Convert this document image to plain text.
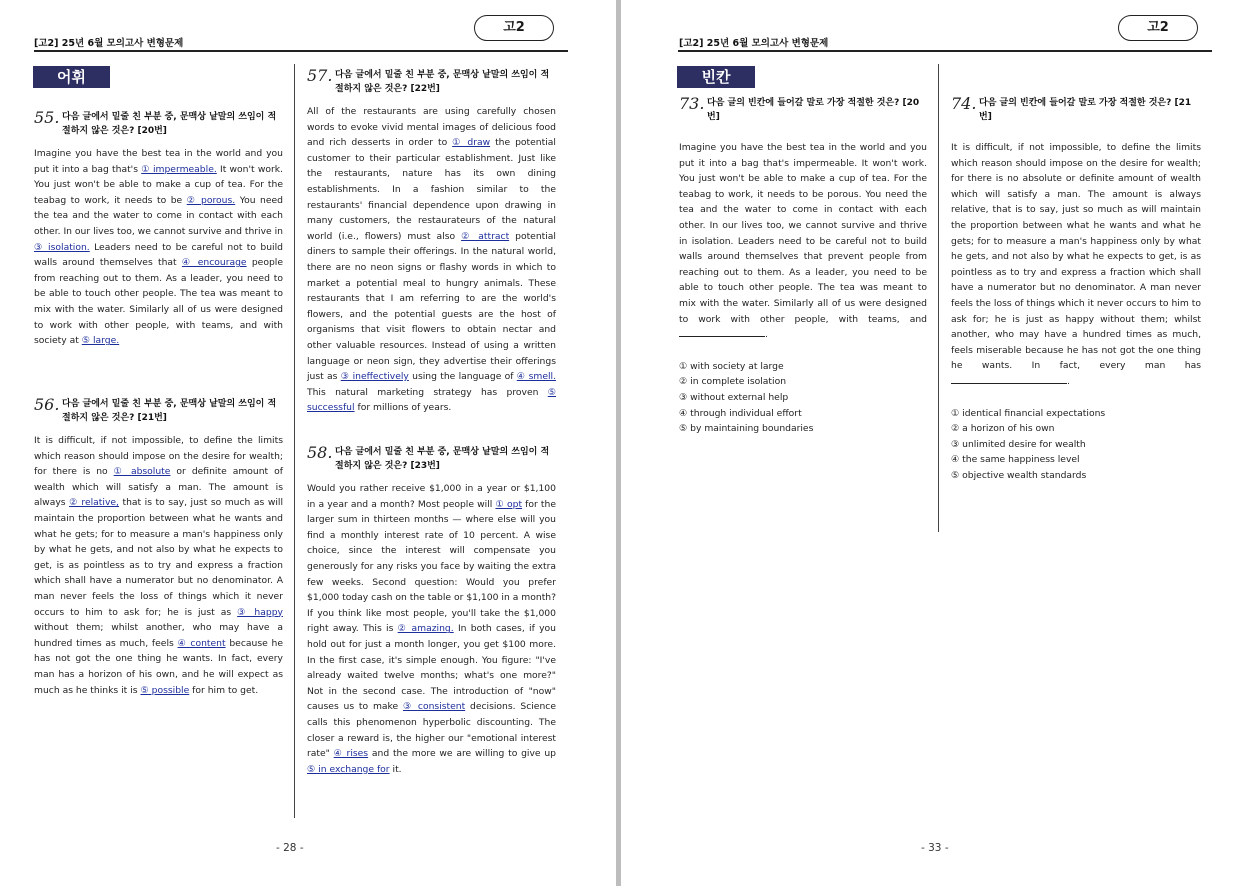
[고2] 25년 6월 모의고사 변형문제
고2
어휘
55. 다음 글에서 밑줄 친 부분 중, 문맥상 낱말의 쓰임이 적절하지 않은 것은? [20번]
Imagine you have the best tea in the world and you put it into a bag that's ① impermeable. It won't work. You just won't be able to make a cup of tea. For the teabag to work, it needs to be ② porous. You need the tea and the water to come in contact with each other. In our lives too, we cannot survive and thrive in ③ isolation. Leaders need to be careful not to build walls around themselves that ④ encourage people from reaching out to them. As a leader, you need to be able to touch other people. The tea was meant to mix with the water. Similarly all of us were designed to work with other people, with teams, and with society at ⑤ large.
56. 다음 글에서 밑줄 친 부분 중, 문맥상 낱말의 쓰임이 적절하지 않은 것은? [21번]
It is difficult, if not impossible, to define the limits which reason should impose on the desire for wealth; for there is no ① absolute or definite amount of wealth which will satisfy a man. The amount is always ② relative, that is to say, just so much as will maintain the proportion between what he wants and what he gets; for to measure a man's happiness only by what he gets, and not also by what he expects to get, is as pointless as to try and express a fraction which shall have a numerator but no denominator. A man never feels the loss of things which it never occurs to him to ask for; he is just as ③ happy without them; whilst another, who may have a hundred times as much, feels ④ content because he has not got the one thing he wants. In fact, every man has a horizon of his own, and he will expect as much as he thinks it is ⑤ possible for him to get.
57. 다음 글에서 밑줄 친 부분 중, 문맥상 낱말의 쓰임이 적절하지 않은 것은? [22번]
All of the restaurants are using carefully chosen words to evoke vivid mental images of delicious food and rich desserts in order to ① draw the potential customer to their particular establishment. Just like the restaurants, nature has its own dining establishments. In a fashion similar to the restaurants' financial dependence upon drawing in many customers, the restaurateurs of the natural world (i.e., flowers) must also ② attract potential diners to sample their offerings. In the natural world, there are no neon signs or flashy words in which to market a potential meal to hungry animals. These restaurants that I am referring to are the world's flowers, and the potential guests are the host of organisms that visit flowers to obtain nectar and other valuable resources. Instead of using a written language or neon sign, they advertise their offerings just as ③ ineffectively using the language of ④ smell. This natural marketing strategy has proven ⑤ successful for millions of years.
58. 다음 글에서 밑줄 친 부분 중, 문맥상 낱말의 쓰임이 적절하지 않은 것은? [23번]
Would you rather receive $1,000 in a year or $1,100 in a year and a month? Most people will ① opt for the larger sum in thirteen months — where else will you find a monthly interest rate of 10 percent. A wise choice, since the interest will compensate you generously for any risks you face by waiting the extra few weeks. Second question: Would you prefer $1,000 today cash on the table or $1,100 in a month? If you think like most people, you'll take the $1,000 right away. This is ② amazing. In both cases, if you hold out for just a month longer, you get $100 more. In the first case, it's simple enough. You figure: "I've already waited twelve months; what's one more?" Not in the second case. The introduction of "now" causes us to make ③ consistent decisions. Science calls this phenomenon hyperbolic discounting. The closer a reward is, the higher our "emotional interest rate" ④ rises and the more we are willing to give up ⑤ in exchange for it.
- 28 -
[고2] 25년 6월 모의고사 변형문제
고2
빈칸
73. 다음 글의 빈칸에 들어갈 말로 가장 적절한 것은? [20번]
Imagine you have the best tea in the world and you put it into a bag that's impermeable. It won't work. You just won't be able to make a cup of tea. For the teabag to work, it needs to be porous. You need the tea and the water to come in contact with each other. In our lives too, we cannot survive and thrive in isolation. Leaders need to be careful not to build walls around themselves that prevent people from reaching out to them. As a leader, you need to be able to touch other people. The tea was meant to mix with the water. Similarly all of us were designed to work with other people, with teams, and .
① with society at large
② in complete isolation
③ without external help
④ through individual effort
⑤ by maintaining boundaries
74. 다음 글의 빈칸에 들어갈 말로 가장 적절한 것은? [21번]
It is difficult, if not impossible, to define the limits which reason should impose on the desire for wealth; for there is no absolute or definite amount of wealth which will satisfy a man. The amount is always relative, that is to say, just so much as will maintain the proportion between what he wants and what he gets; for to measure a man's happiness only by what he gets, and not also by what he expects to get, is as pointless as to try and express a fraction which shall have a numerator but no denominator. A man never feels the loss of things which it never occurs to him to ask for; he is just as happy without them; whilst another, who may have a hundred times as much, feels miserable because he has not got the one thing he wants. In fact, every man has .
① identical financial expectations
② a horizon of his own
③ unlimited desire for wealth
④ the same happiness level
⑤ objective wealth standards
- 33 -
